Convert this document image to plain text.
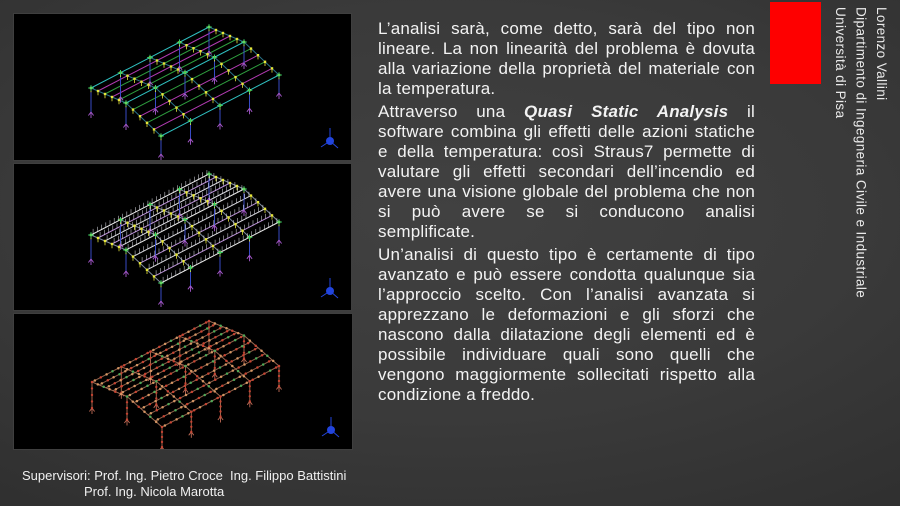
L’analisi sarà, come detto, sarà del tipo non lineare. La non linearità del problema è dovuta alla variazione della proprietà del materiale con la temperatura.

Attraverso una Quasi Static Analysis il software combina gli effetti delle azioni statiche e della temperatura: così Straus7 permette di valutare gli effetti secondari dell’incendio ed avere una visione globale del problema che non si può avere se si conducono analisi semplificate.

Un’analisi di questo tipo è certamente di tipo avanzato e può essere condotta qualunque sia l’approccio scelto. Con l’analisi avanzata si apprezzano le deformazioni e gli sforzi che nascono dalla dilatazione degli elementi ed è possibile individuare quali sono quelli che vengono maggiormente sollecitati rispetto alla condizione a freddo.

Lorenzo Vallini
Dipartimento di Ingegneria Civile e Industriale
Università di Pisa
Supervisori: Prof. Ing. Pietro Croce Ing. Filippo Battistini
Prof. Ing. Nicola Marotta
